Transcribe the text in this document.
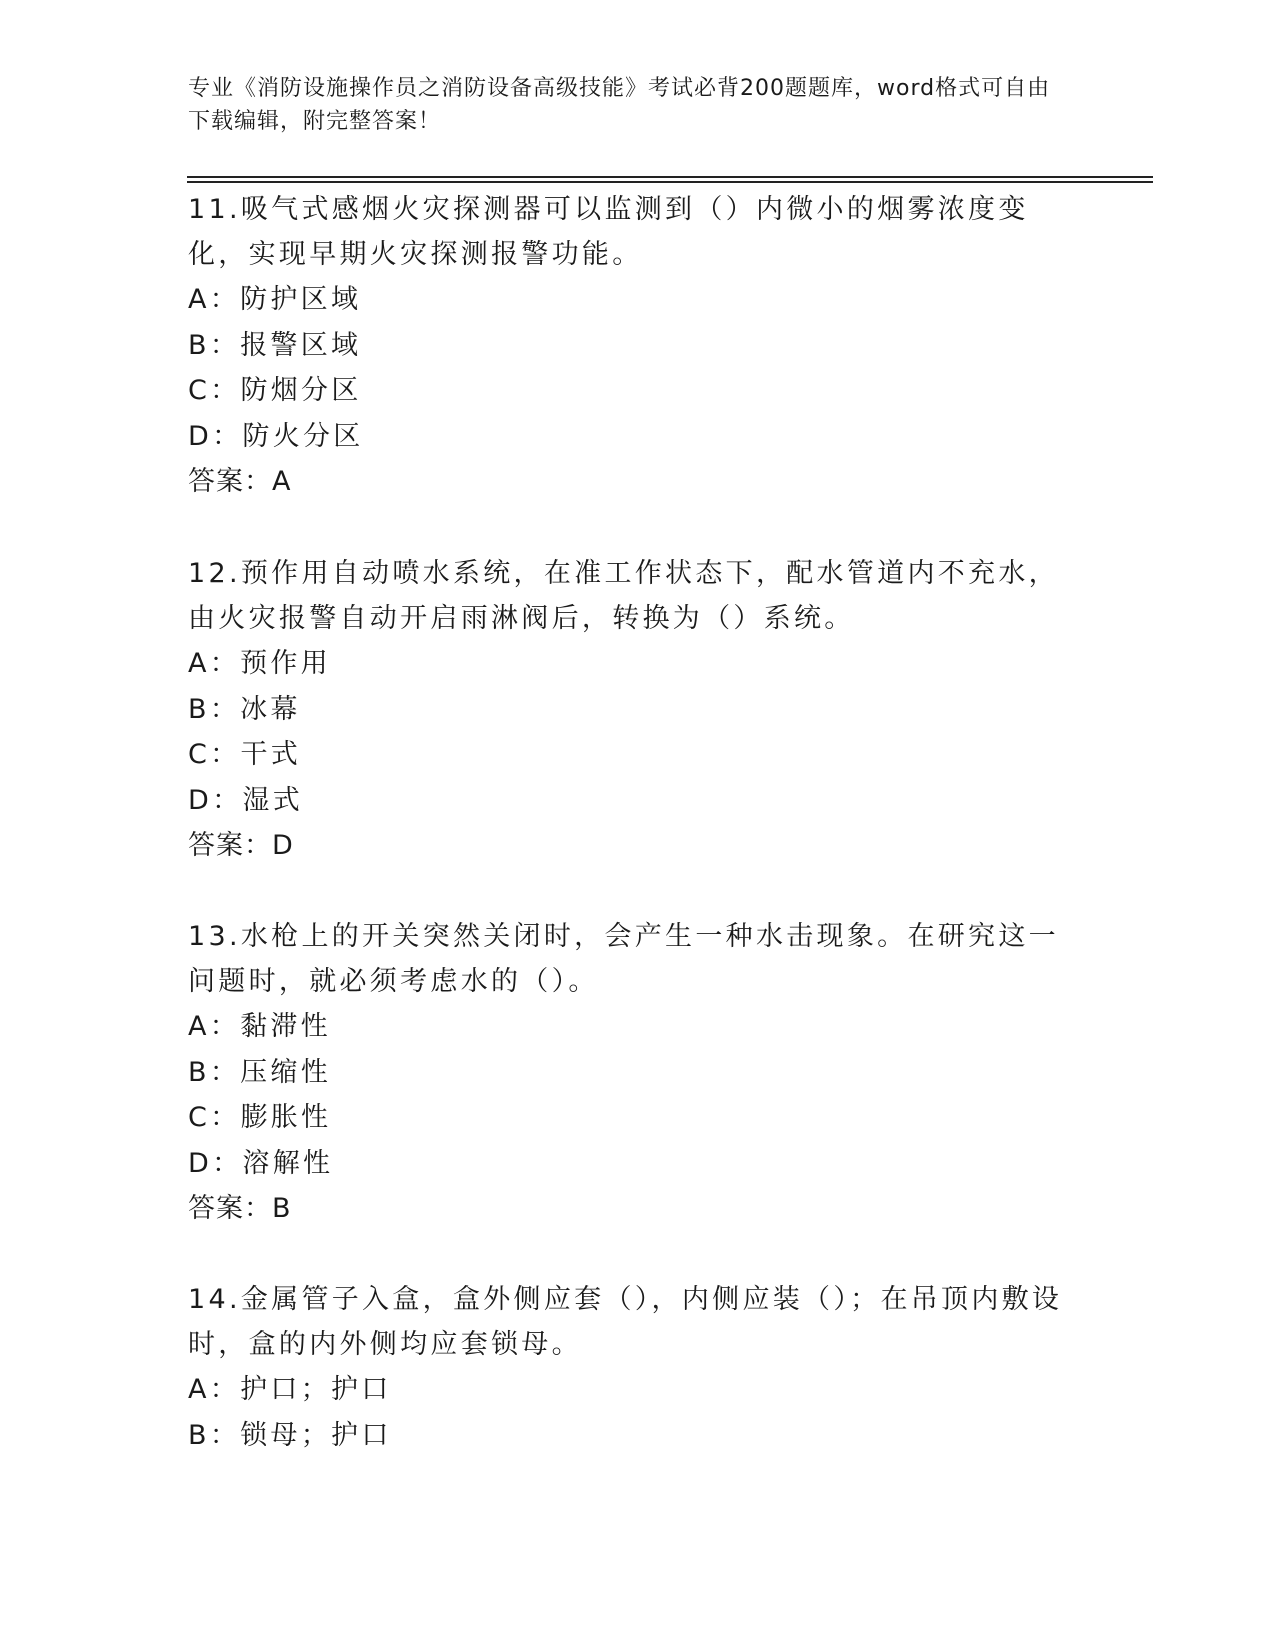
专业《消防设施操作员之消防设备高级技能》考试必背200题题库，word格式可自由下载编辑，附完整答案！

11.吸气式感烟火灾探测器可以监测到（）内微小的烟雾浓度变化，实现早期火灾探测报警功能。

A：防护区域

B：报警区域

C：防烟分区

D：防火分区

答案：A

12.预作用自动喷水系统，在准工作状态下，配水管道内不充水，由火灾报警自动开启雨淋阀后，转换为（）系统。

A：预作用

B：冰幕

C：干式

D：湿式

答案：D

13.水枪上的开关突然关闭时，会产生一种水击现象。在研究这一问题时，就必须考虑水的（）。

A：黏滞性

B：压缩性

C：膨胀性

D：溶解性

答案：B

14.金属管子入盒，盒外侧应套（），内侧应装（）；在吊顶内敷设时，盒的内外侧均应套锁母。

A：护口；护口

B：锁母；护口
